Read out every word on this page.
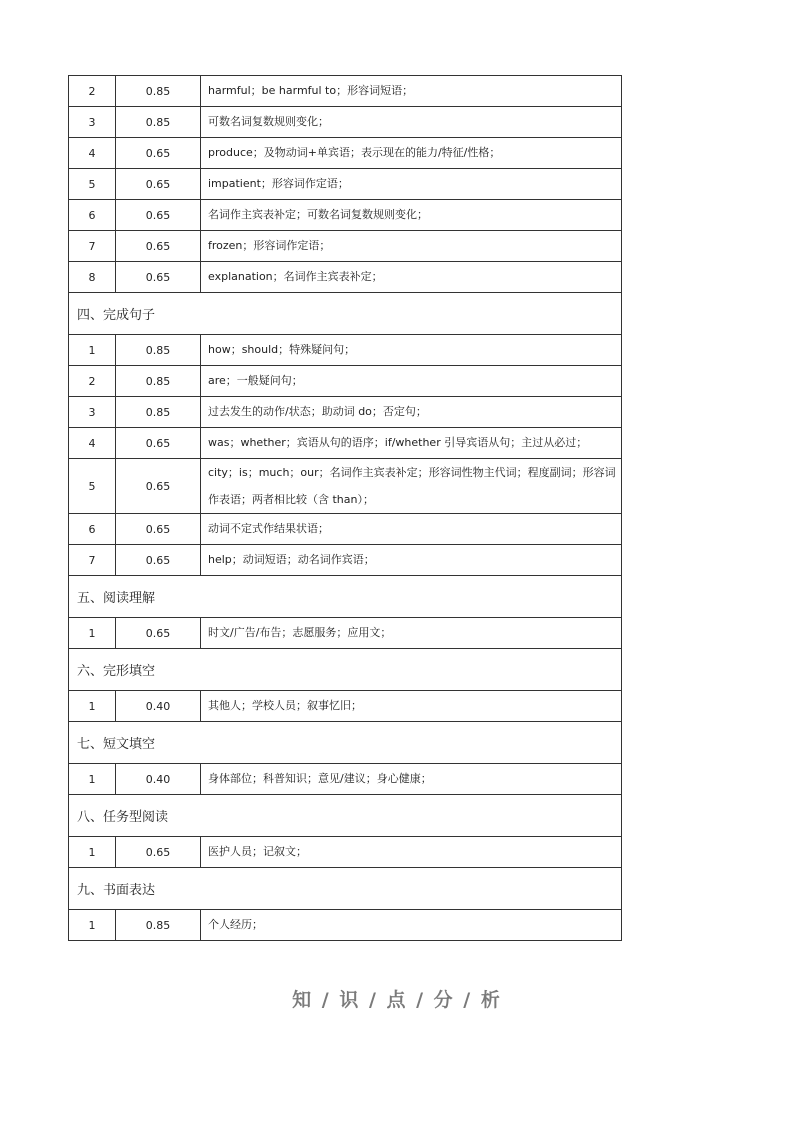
2	0.85	harmful；be harmful to；形容词短语；
3	0.85	可数名词复数规则变化；
4	0.65	produce；及物动词+单宾语；表示现在的能力/特征/性格；
5	0.65	impatient；形容词作定语；
6	0.65	名词作主宾表补定；可数名词复数规则变化；
7	0.65	frozen；形容词作定语；
8	0.65	explanation；名词作主宾表补定；
四、完成句子		
1	0.85	how；should；特殊疑问句；
2	0.85	are；一般疑问句；
3	0.85	过去发生的动作/状态；助动词 do；否定句；
4	0.65	was；whether；宾语从句的语序；if/whether 引导宾语从句；主过从必过；
5	0.65	city；is；much；our；名词作主宾表补定；形容词性物主代词；程度副词；形容词作表语；两者相比较（含 than）；
6	0.65	动词不定式作结果状语；
7	0.65	help；动词短语；动名词作宾语；
五、阅读理解		
1	0.65	时文/广告/布告；志愿服务；应用文；
六、完形填空		
1	0.40	其他人；学校人员；叙事忆旧；
七、短文填空		
1	0.40	身体部位；科普知识；意见/建议；身心健康；
八、任务型阅读		
1	0.65	医护人员；记叙文；
九、书面表达		
1	0.85	个人经历；
知 / 识 / 点 / 分 / 析
